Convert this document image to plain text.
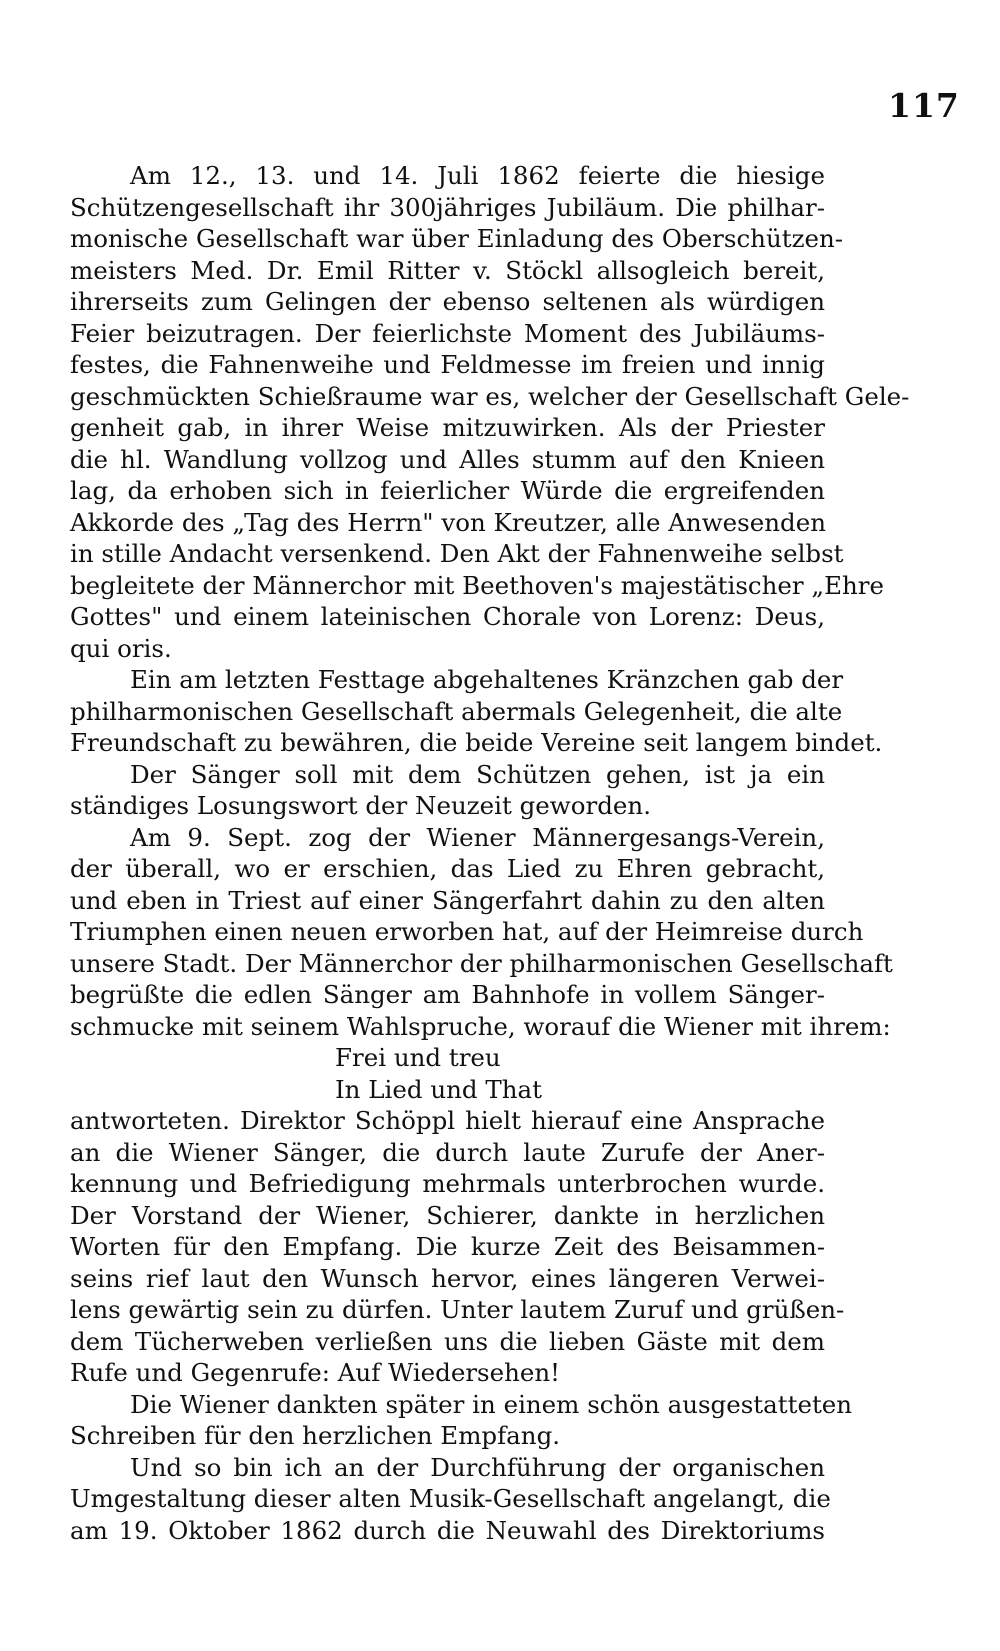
117
Am 12., 13. und 14. Juli 1862 feierte die hiesige
Schützengesellschaft ihr 300jähriges Jubiläum. Die philhar-
monische Gesellschaft war über Einladung des Oberschützen-
meisters Med. Dr. Emil Ritter v. Stöckl allsogleich bereit,
ihrerseits zum Gelingen der ebenso seltenen als würdigen
Feier beizutragen. Der feierlichste Moment des Jubiläums-
festes, die Fahnenweihe und Feldmesse im freien und innig
geschmückten Schießraume war es, welcher der Gesellschaft Gele-
genheit gab, in ihrer Weise mitzuwirken. Als der Priester
die hl. Wandlung vollzog und Alles stumm auf den Knieen
lag, da erhoben sich in feierlicher Würde die ergreifenden
Akkorde des „Tag des Herrn" von Kreutzer, alle Anwesenden
in stille Andacht versenkend. Den Akt der Fahnenweihe selbst
begleitete der Männerchor mit Beethoven's majestätischer „Ehre
Gottes" und einem lateinischen Chorale von Lorenz: Deus,
qui oris.
Ein am letzten Festtage abgehaltenes Kränzchen gab der
philharmonischen Gesellschaft abermals Gelegenheit, die alte
Freundschaft zu bewähren, die beide Vereine seit langem bindet.
Der Sänger soll mit dem Schützen gehen, ist ja ein
ständiges Losungswort der Neuzeit geworden.
Am 9. Sept. zog der Wiener Männergesangs-Verein,
der überall, wo er erschien, das Lied zu Ehren gebracht,
und eben in Triest auf einer Sängerfahrt dahin zu den alten
Triumphen einen neuen erworben hat, auf der Heimreise durch
unsere Stadt. Der Männerchor der philharmonischen Gesellschaft
begrüßte die edlen Sänger am Bahnhofe in vollem Sänger-
schmucke mit seinem Wahlspruche, worauf die Wiener mit ihrem:
Frei und treu
In Lied und That
antworteten. Direktor Schöppl hielt hierauf eine Ansprache
an die Wiener Sänger, die durch laute Zurufe der Aner-
kennung und Befriedigung mehrmals unterbrochen wurde.
Der Vorstand der Wiener, Schierer, dankte in herzlichen
Worten für den Empfang. Die kurze Zeit des Beisammen-
seins rief laut den Wunsch hervor, eines längeren Verwei-
lens gewärtig sein zu dürfen. Unter lautem Zuruf und grüßen-
dem Tücherweben verließen uns die lieben Gäste mit dem
Rufe und Gegenrufe: Auf Wiedersehen!
Die Wiener dankten später in einem schön ausgestatteten
Schreiben für den herzlichen Empfang.
Und so bin ich an der Durchführung der organischen
Umgestaltung dieser alten Musik-Gesellschaft angelangt, die
am 19. Oktober 1862 durch die Neuwahl des Direktoriums
